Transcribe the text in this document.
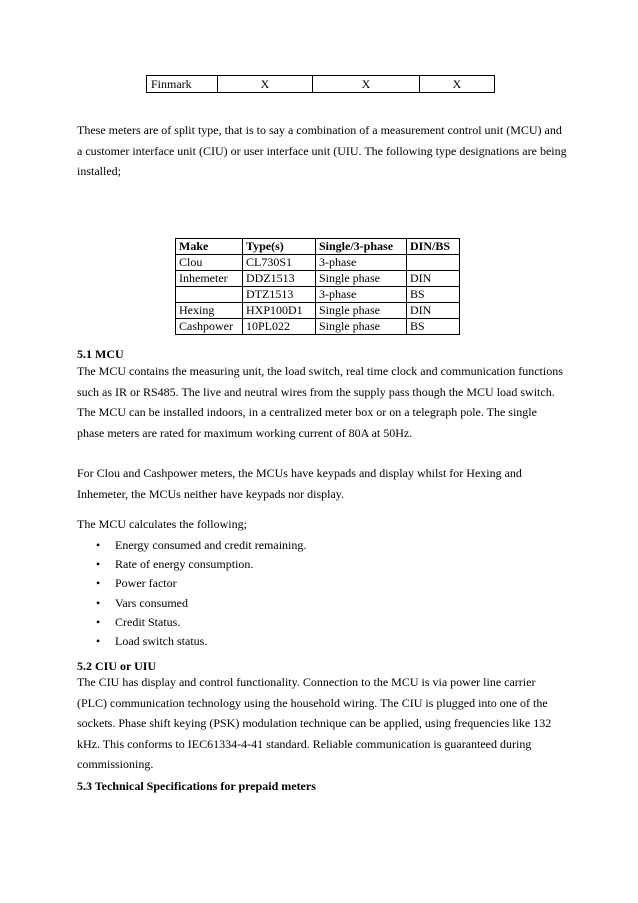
Finmark	X	X	X
These meters are of split type, that is to say a combination of a measurement control unit (MCU) and a customer interface unit (CIU) or user interface unit (UIU. The following type designations are being installed;
Make	Type(s)	Single/3-phase	DIN/BS
Clou	CL730S1	3-phase	
Inhemeter	DDZ1513	Single phase	DIN
	DTZ1513	3-phase	BS
Hexing	HXP100D1	Single phase	DIN
Cashpower	10PL022	Single phase	BS
5.1 MCU
The MCU contains the measuring unit, the load switch, real time clock and communication functions such as IR or RS485. The live and neutral wires from the supply pass though the MCU load switch. The MCU can be installed indoors, in a centralized meter box or on a telegraph pole. The single phase meters are rated for maximum working current of 80A at 50Hz.
For Clou and Cashpower meters, the MCUs have keypads and display whilst for Hexing and Inhemeter, the MCUs neither have keypads nor display.
The MCU calculates the following;
• Energy consumed and credit remaining.
• Rate of energy consumption.
• Power factor
• Vars consumed
• Credit Status.
• Load switch status.
5.2 CIU or UIU
The CIU has display and control functionality. Connection to the MCU is via power line carrier (PLC) communication technology using the household wiring. The CIU is plugged into one of the sockets. Phase shift keying (PSK) modulation technique can be applied, using frequencies like 132 kHz. This conforms to IEC61334-4-41 standard. Reliable communication is guaranteed during commissioning.
5.3 Technical Specifications for prepaid meters
